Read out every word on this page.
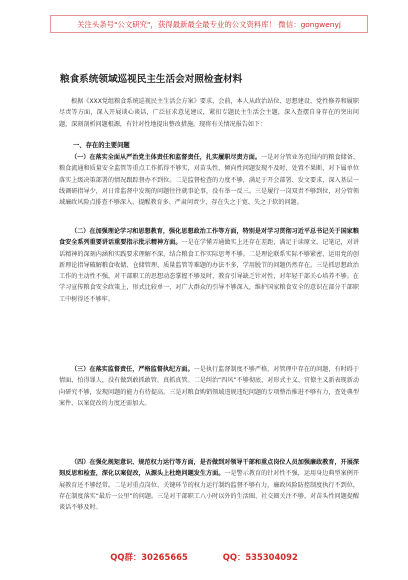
关注头条号"公文研究"，获得最新最全最专业的公文资料库！ 微信：gongwenyj
粮食系统领域巡视民主生活会对照检查材料
根据《XXX党组粮食系统巡视民主生活会方案》要求，会前，本人从政治站位、思想建设、党性修养和履职尽责等方面，深入开展谈心谈话，广泛征求意见建议，紧扣专题民主生活会主题，深入查摆自身存在的突出问题，深刻剖析问题根源，有针对性地提出整改措施。现将有关情况报告如下：
一、存在的主要问题

（一）在落实全面从严治党主体责任和监督责任，扎实履职尽责方面。一是对分管业务范围内的粮食储备、粮食流通和质量安全监管等重点工作抓得不够实，对苗头性、倾向性问题发现不及时、处置不果断，对下属单位落实上级决策部署的情况跟踪督办不到位。二是监督检查的力度不够，满足于开会部署、发文要求，深入基层一线调研指导少，对日常监督中发现的问题往往就事论事，没有举一反三。三是履行一岗双责不够到位，对分管领域廉政风险点排查不够深入，提醒教育多、严肃问责少，存在失之于宽、失之于软的问题。

（二）在加强理论学习和思想教育，强化思想政治工作等方面，特别是对学习贯彻习近平总书记关于国家粮食安全系列重要讲话重要指示批示精神方面。一是在学懂弄通做实上还存在差距，满足于读原文、记笔记，对讲话精神的深刻内涵和实践要求理解不深，结合粮食工作实际思考不够。二是理论联系实际不够紧密，运用党的创新理论指导破解粮食收储、仓储管理、质量监管等难题的办法不多，学用脱节的问题仍然存在。三是抓思想政治工作的主动性不强，对干部职工的思想动态掌握不够及时，教育引导缺乏针对性，对年轻干部关心培养不够。在学习宣传粮食安全政策上，形式比较单一，对广大群众的引导不够深入，维护国家粮食安全的意识在部分干部职工中树得还不够牢。

（三）在落实监督责任，严格监督执纪方面。一是执行监督制度不够严格，对管理中存在的问题，有时碍于情面、怕得罪人，没有做到敢抓敢管、真抓真管。二是纠治“四风”不够彻底，对形式主义、官僚主义新表现新动向研究不够，发现问题的能力有待提高。三是对粮食购销领域违规违纪问题的专项整治推进不够有力，查处典型案件、以案促改的力度还需加大。

（四）在强化规矩意识、规范权力运行等方面，是否做到对领导干部和重点岗位人员加强廉政教育，开展深刻反思和检查，深化以案促改，从源头上杜绝问题发生方面。一是警示教育的针对性不强，运用身边典型案例开展教育还不够经常。二是对重点岗位、关键环节的权力运行制约监督不够有力，廉政风险防控制度执行不到位，存在制度落实“最后一公里”的问题。三是对干部职工八小时以外的生活圈、社交圈关注不够，对苗头性问题提醒谈话不够及时。

QQ群：30265665	QQ：535304092
